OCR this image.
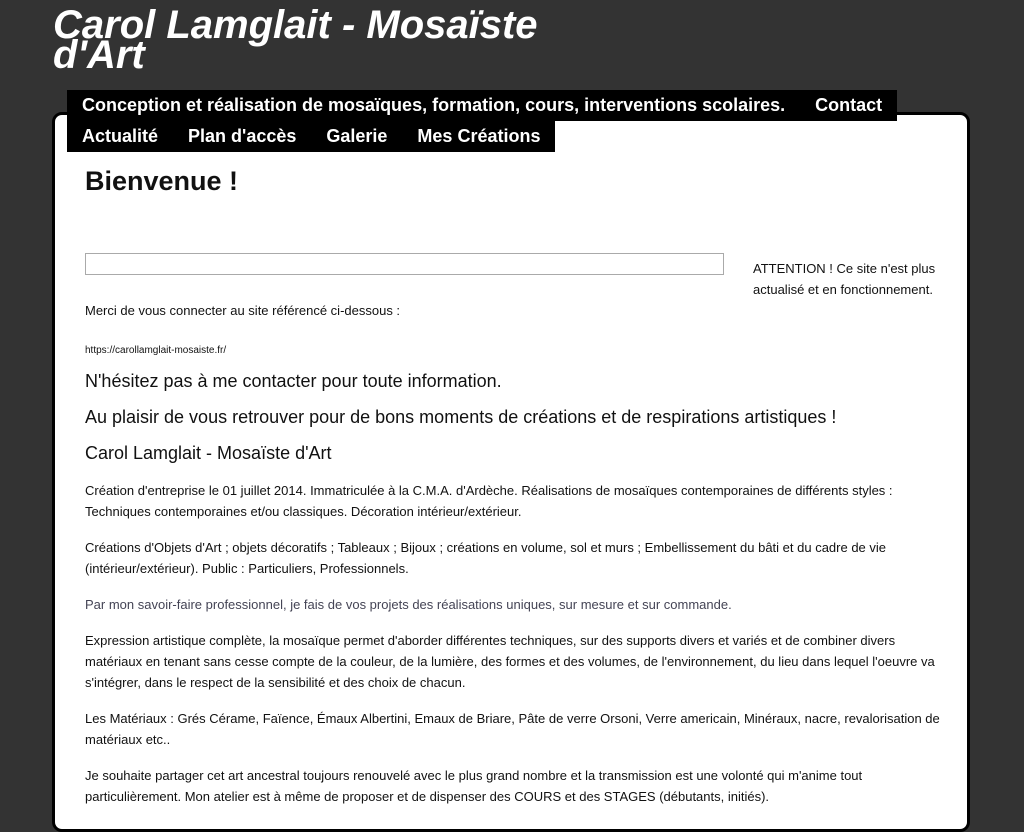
Carol Lamglait - Mosaïste d'Art
Conception et réalisation de mosaïques, formation, cours, interventions scolaires. Contact
Actualité Plan d'accès Galerie Mes Créations
Bienvenue !
ATTENTION ! Ce site n'est plus actualisé et en fonctionnement.

Merci de vous connecter au site référencé ci-dessous :

https://carollamglait-mosaiste.fr/

N'hésitez pas à me contacter pour toute information.

Au plaisir de vous retrouver pour de bons moments de créations et de respirations artistiques !

Carol Lamglait - Mosaïste d'Art

Création d'entreprise le 01 juillet 2014. Immatriculée à la C.M.A. d'Ardèche. Réalisations de mosaïques contemporaines de différents styles : Techniques contemporaines et/ou classiques. Décoration intérieur/extérieur.

Créations d'Objets d'Art ; objets décoratifs ; Tableaux ; Bijoux ; créations en volume, sol et murs ; Embellissement du bâti et du cadre de vie (intérieur/extérieur). Public : Particuliers, Professionnels.

Par mon savoir-faire professionnel, je fais de vos projets des réalisations uniques, sur mesure et sur commande.

Expression artistique complète, la mosaïque permet d'aborder différentes techniques, sur des supports divers et variés et de combiner divers matériaux en tenant sans cesse compte de la couleur, de la lumière, des formes et des volumes, de l'environnement, du lieu dans lequel l'oeuvre va s'intégrer, dans le respect de la sensibilité et des choix de chacun.

Les Matériaux : Grés Cérame, Faïence, Émaux Albertini, Emaux de Briare, Pâte de verre Orsoni, Verre americain, Minéraux, nacre, revalorisation de matériaux etc..

Je souhaite partager cet art ancestral toujours renouvelé avec le plus grand nombre et la transmission est une volonté qui m'anime tout particulièrement. Mon atelier est à même de proposer et de dispenser des COURS et des STAGES (débutants, initiés).
